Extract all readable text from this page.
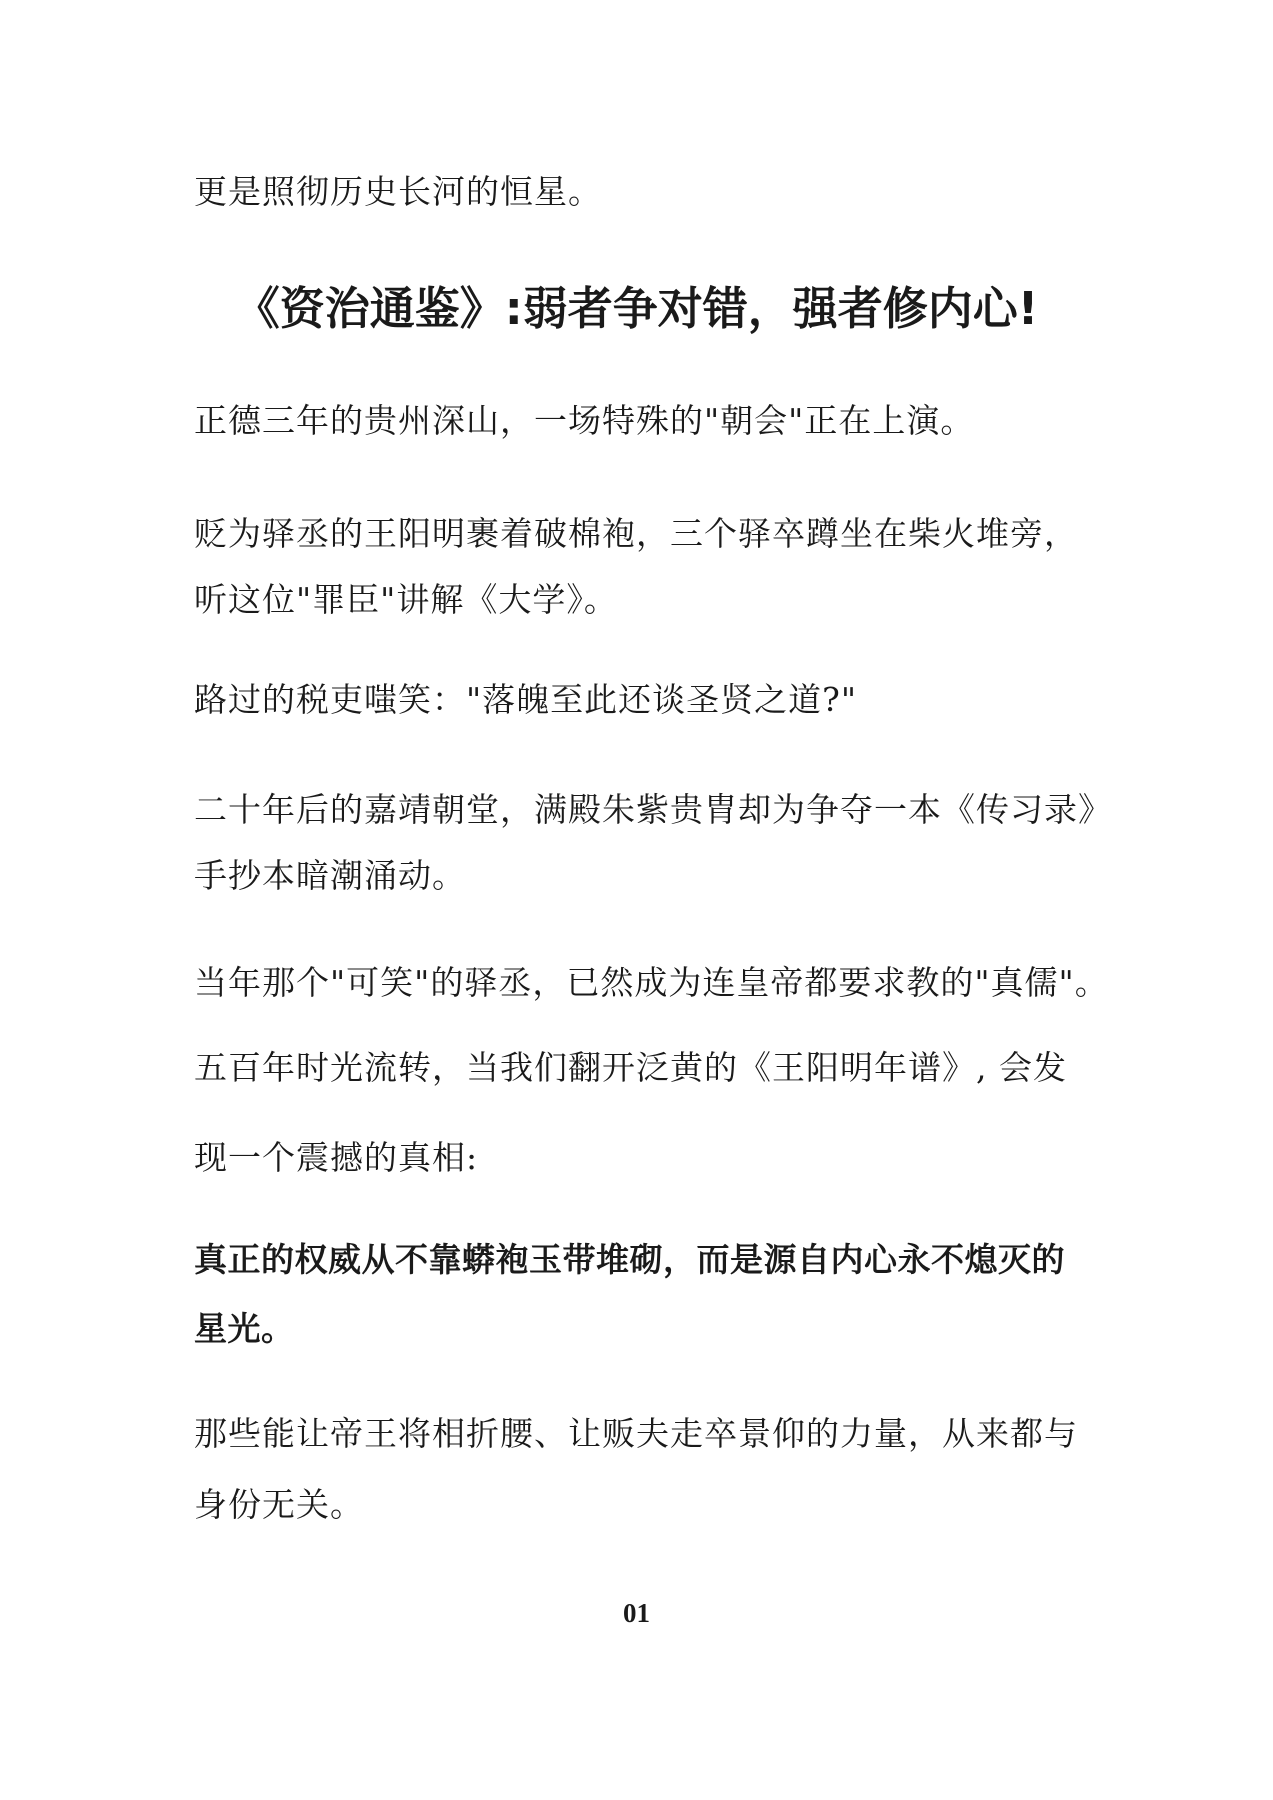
更是照彻历史长河的恒星。

《资治通鉴》:弱者争对错，强者修内心!

正德三年的贵州深山，一场特殊的"朝会"正在上演。

贬为驿丞的王阳明裹着破棉袍，三个驿卒蹲坐在柴火堆旁，

听这位"罪臣"讲解《大学》。

路过的税吏嗤笑："落魄至此还谈圣贤之道?"

二十年后的嘉靖朝堂，满殿朱紫贵胄却为争夺一本《传习录》

手抄本暗潮涌动。

当年那个"可笑"的驿丞，已然成为连皇帝都要求教的"真儒"。

五百年时光流转，当我们翻开泛黄的《王阳明年谱》, 会发

现一个震撼的真相:

真正的权威从不靠蟒袍玉带堆砌，而是源自内心永不熄灭的

星光。

那些能让帝王将相折腰、让贩夫走卒景仰的力量，从来都与

身份无关。

01
